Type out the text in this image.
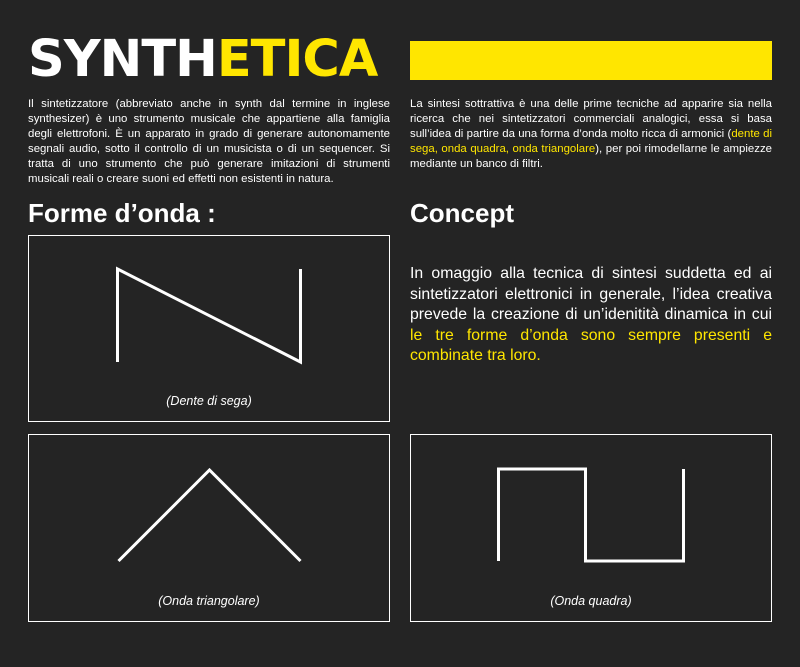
SYNTHETICA

Il sintetizzatore (abbreviato anche in synth dal termine in inglese synthesizer) è uno strumento musicale che appartiene alla famiglia degli elettrofoni. È un apparato in grado di generare autonomamente segnali audio, sotto il controllo di un musicista o di un sequencer. Si tratta di uno strumento che può generare imitazioni di strumenti musicali reali o creare suoni ed effetti non esistenti in natura.

La sintesi sottrattiva è una delle prime tecniche ad apparire sia nella ricerca che nei sintetizzatori commerciali analogici, essa si basa sull’idea di partire da una forma d’onda molto ricca di armonici (dente di sega, onda quadra, onda triangolare), per poi rimodellarne le ampiezze mediante un banco di filtri.

Forme d’onda :	Concept

In omaggio alla tecnica di sintesi suddetta ed ai sintetizzatori elettronici in generale, l’idea creativa prevede la creazione di un’idenitità dinamica in cui le tre forme d’onda sono sempre presenti e combinate tra loro.

(Dente di sega)
(Onda triangolare)	(Onda quadra)
